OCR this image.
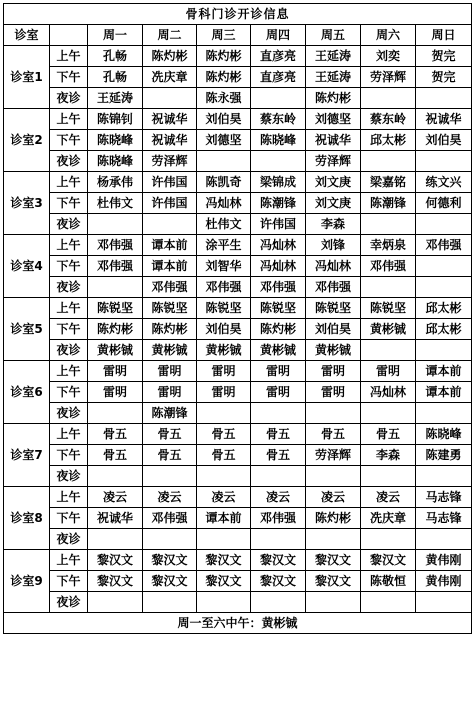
骨科门诊开诊信息								
诊室		周一	周二	周三	周四	周五	周六	周日
诊室1	上午	孔畅	陈灼彬	陈灼彬	直彦亮	王延涛	刘奕	贺完
	下午	孔畅	冼庆章	陈灼彬	直彦亮	王延涛	劳泽辉	贺完
	夜诊	王延涛		陈永强		陈灼彬		
诊室2	上午	陈锦钊	祝诚华	刘伯昊	蔡东岭	刘德坚	蔡东岭	祝诚华
	下午	陈晓峰	祝诚华	刘德坚	陈晓峰	祝诚华	邱太彬	刘伯昊
	夜诊	陈晓峰	劳泽辉			劳泽辉		
诊室3	上午	杨承伟	许伟国	陈凯奇	梁锦成	刘文庚	梁嘉铭	练文兴
	下午	杜伟文	许伟国	冯灿林	陈潮锋	刘文庚	陈潮锋	何德利
	夜诊			杜伟文	许伟国	李森		
诊室4	上午	邓伟强	谭本前	涂平生	冯灿林	刘锋	幸炳泉	邓伟强
	下午	邓伟强	谭本前	刘智华	冯灿林	冯灿林	邓伟强	
	夜诊		邓伟强	邓伟强	邓伟强	邓伟强		
诊室5	上午	陈锐坚	陈锐坚	陈锐坚	陈锐坚	陈锐坚	陈锐坚	邱太彬
	下午	陈灼彬	陈灼彬	刘伯昊	陈灼彬	刘伯昊	黄彬铖	邱太彬
	夜诊	黄彬铖	黄彬铖	黄彬铖	黄彬铖	黄彬铖		
诊室6	上午	雷明	雷明	雷明	雷明	雷明	雷明	谭本前
	下午	雷明	雷明	雷明	雷明	雷明	冯灿林	谭本前
	夜诊		陈潮锋					
诊室7	上午	骨五	骨五	骨五	骨五	骨五	骨五	陈晓峰
	下午	骨五	骨五	骨五	骨五	劳泽辉	李森	陈建勇
	夜诊							
诊室8	上午	凌云	凌云	凌云	凌云	凌云	凌云	马志锋
	下午	祝诚华	邓伟强	谭本前	邓伟强	陈灼彬	冼庆章	马志锋
	夜诊							
诊室9	上午	黎汉文	黎汉文	黎汉文	黎汉文	黎汉文	黎汉文	黄伟刚
	下午	黎汉文	黎汉文	黎汉文	黎汉文	黎汉文	陈敬恒	黄伟刚
	夜诊							
周一至六中午：黄彬铖								
